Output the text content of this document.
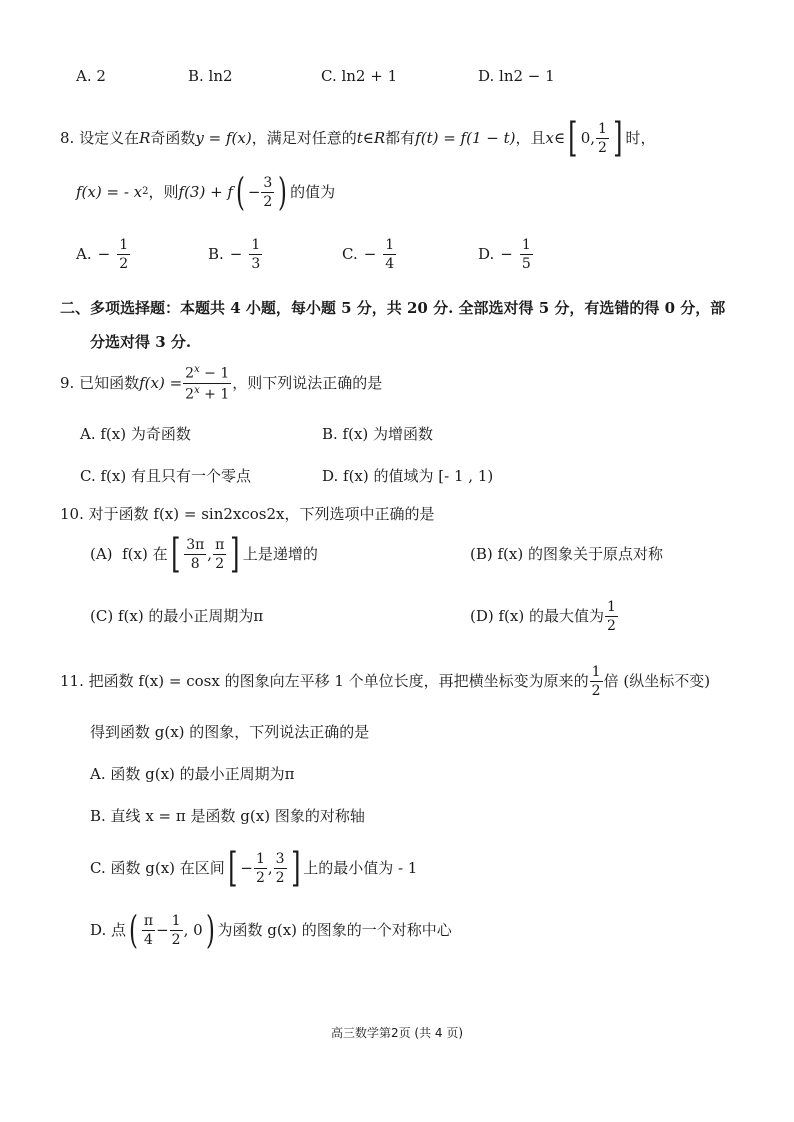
A. 2	B. ln2	C. ln2 + 1	D. ln2 − 1
8. 设定义在 R 奇函数 y = f(x) ，满足对任意的 t∈R 都有 f(t) = f(1 − t) ，且 x∈ [ 0, $\frac{1}{2}$ ] 时，
f(x) = - x 2 ，则 f(3) + f ( − $\frac{3}{2}$ ) 的值为
A. − $\frac{1}{2}$	B. − $\frac{1}{3}$	C. − $\frac{1}{4}$	D. − $\frac{1}{5}$
二、多项选择题：本题共 4 小题，每小题 5 分，共 20 分. 全部选对得 5 分，有选错的得 0 分，部
分选对得 3 分.
9. 已知函数 $f(x) = \frac{2^x - 1}{2^x + 1}$ ，则下列说法正确的是
A. f(x) 为奇函数	B. f(x) 为增函数
C. f(x) 有且只有一个零点	D. f(x) 的值域为 [- 1 , 1)
10. 对于函数 f(x) = sin2xcos2x，下列选项中正确的是
(A)
f(x) 在 [ $\frac{3\pi}{8}$ , $\frac{\pi}{2}$ ] 上是递增的	(B) f(x) 的图象关于原点对称
(C) f(x) 的最小正周期为π	(D) f(x) 的最大值为 $\frac{1}{2}$
11. 把函数 f(x) = cosx 的图象向左平移 1 个单位长度，再把横坐标变为原来的 $\frac{1}{2}$ 倍 (纵坐标不变)
得到函数 g(x) 的图象，下列说法正确的是
A. 函数 g(x) 的最小正周期为π
B. 直线 x = π 是函数 g(x) 图象的对称轴
C. 函数 g(x) 在区间 [ − $\frac{1}{2}$ , $\frac{3}{2}$ ] 上的最小值为 - 1
D. 点 ( $\frac{\pi}{4} - \frac{1}{2}$ , 0 ) 为函数 g(x) 的图象的一个对称中心
高三数学第2页 (共 4 页)
